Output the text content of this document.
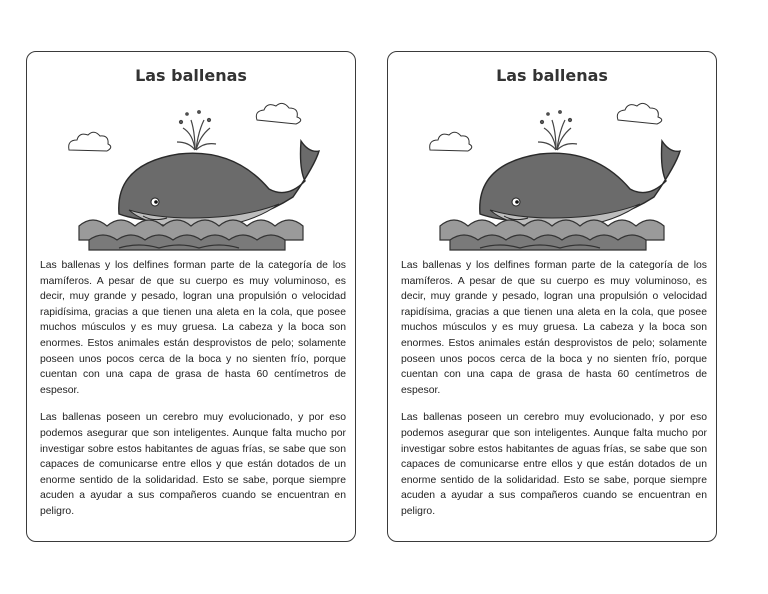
Las ballenas

Las ballenas y los delfines forman parte de la categoría de los mamíferos. A pesar de que su cuerpo es muy voluminoso, es decir, muy grande y pesado, logran una propulsión o velocidad rapidísima, gracias a que tienen una aleta en la cola, que posee muchos músculos y es muy gruesa. La cabeza y la boca son enormes. Estos animales están desprovistos de pelo; solamente poseen unos pocos cerca de la boca y no sienten frío, porque cuentan con una capa de grasa de hasta 60 centímetros de espesor.

Las ballenas poseen un cerebro muy evolucionado, y por eso podemos asegurar que son inteligentes. Aunque falta mucho por investigar sobre estos habitantes de aguas frías, se sabe que son capaces de comunicarse entre ellos y que están dotados de un enorme sentido de la solidaridad. Esto se sabe, porque siempre acuden a ayudar a sus compañeros cuando se encuentran en peligro.

Las ballenas

Las ballenas y los delfines forman parte de la categoría de los mamíferos. A pesar de que su cuerpo es muy voluminoso, es decir, muy grande y pesado, logran una propulsión o velocidad rapidísima, gracias a que tienen una aleta en la cola, que posee muchos músculos y es muy gruesa. La cabeza y la boca son enormes. Estos animales están desprovistos de pelo; solamente poseen unos pocos cerca de la boca y no sienten frío, porque cuentan con una capa de grasa de hasta 60 centímetros de espesor.

Las ballenas poseen un cerebro muy evolucionado, y por eso podemos asegurar que son inteligentes. Aunque falta mucho por investigar sobre estos habitantes de aguas frías, se sabe que son capaces de comunicarse entre ellos y que están dotados de un enorme sentido de la solidaridad. Esto se sabe, porque siempre acuden a ayudar a sus compañeros cuando se encuentran en peligro.
